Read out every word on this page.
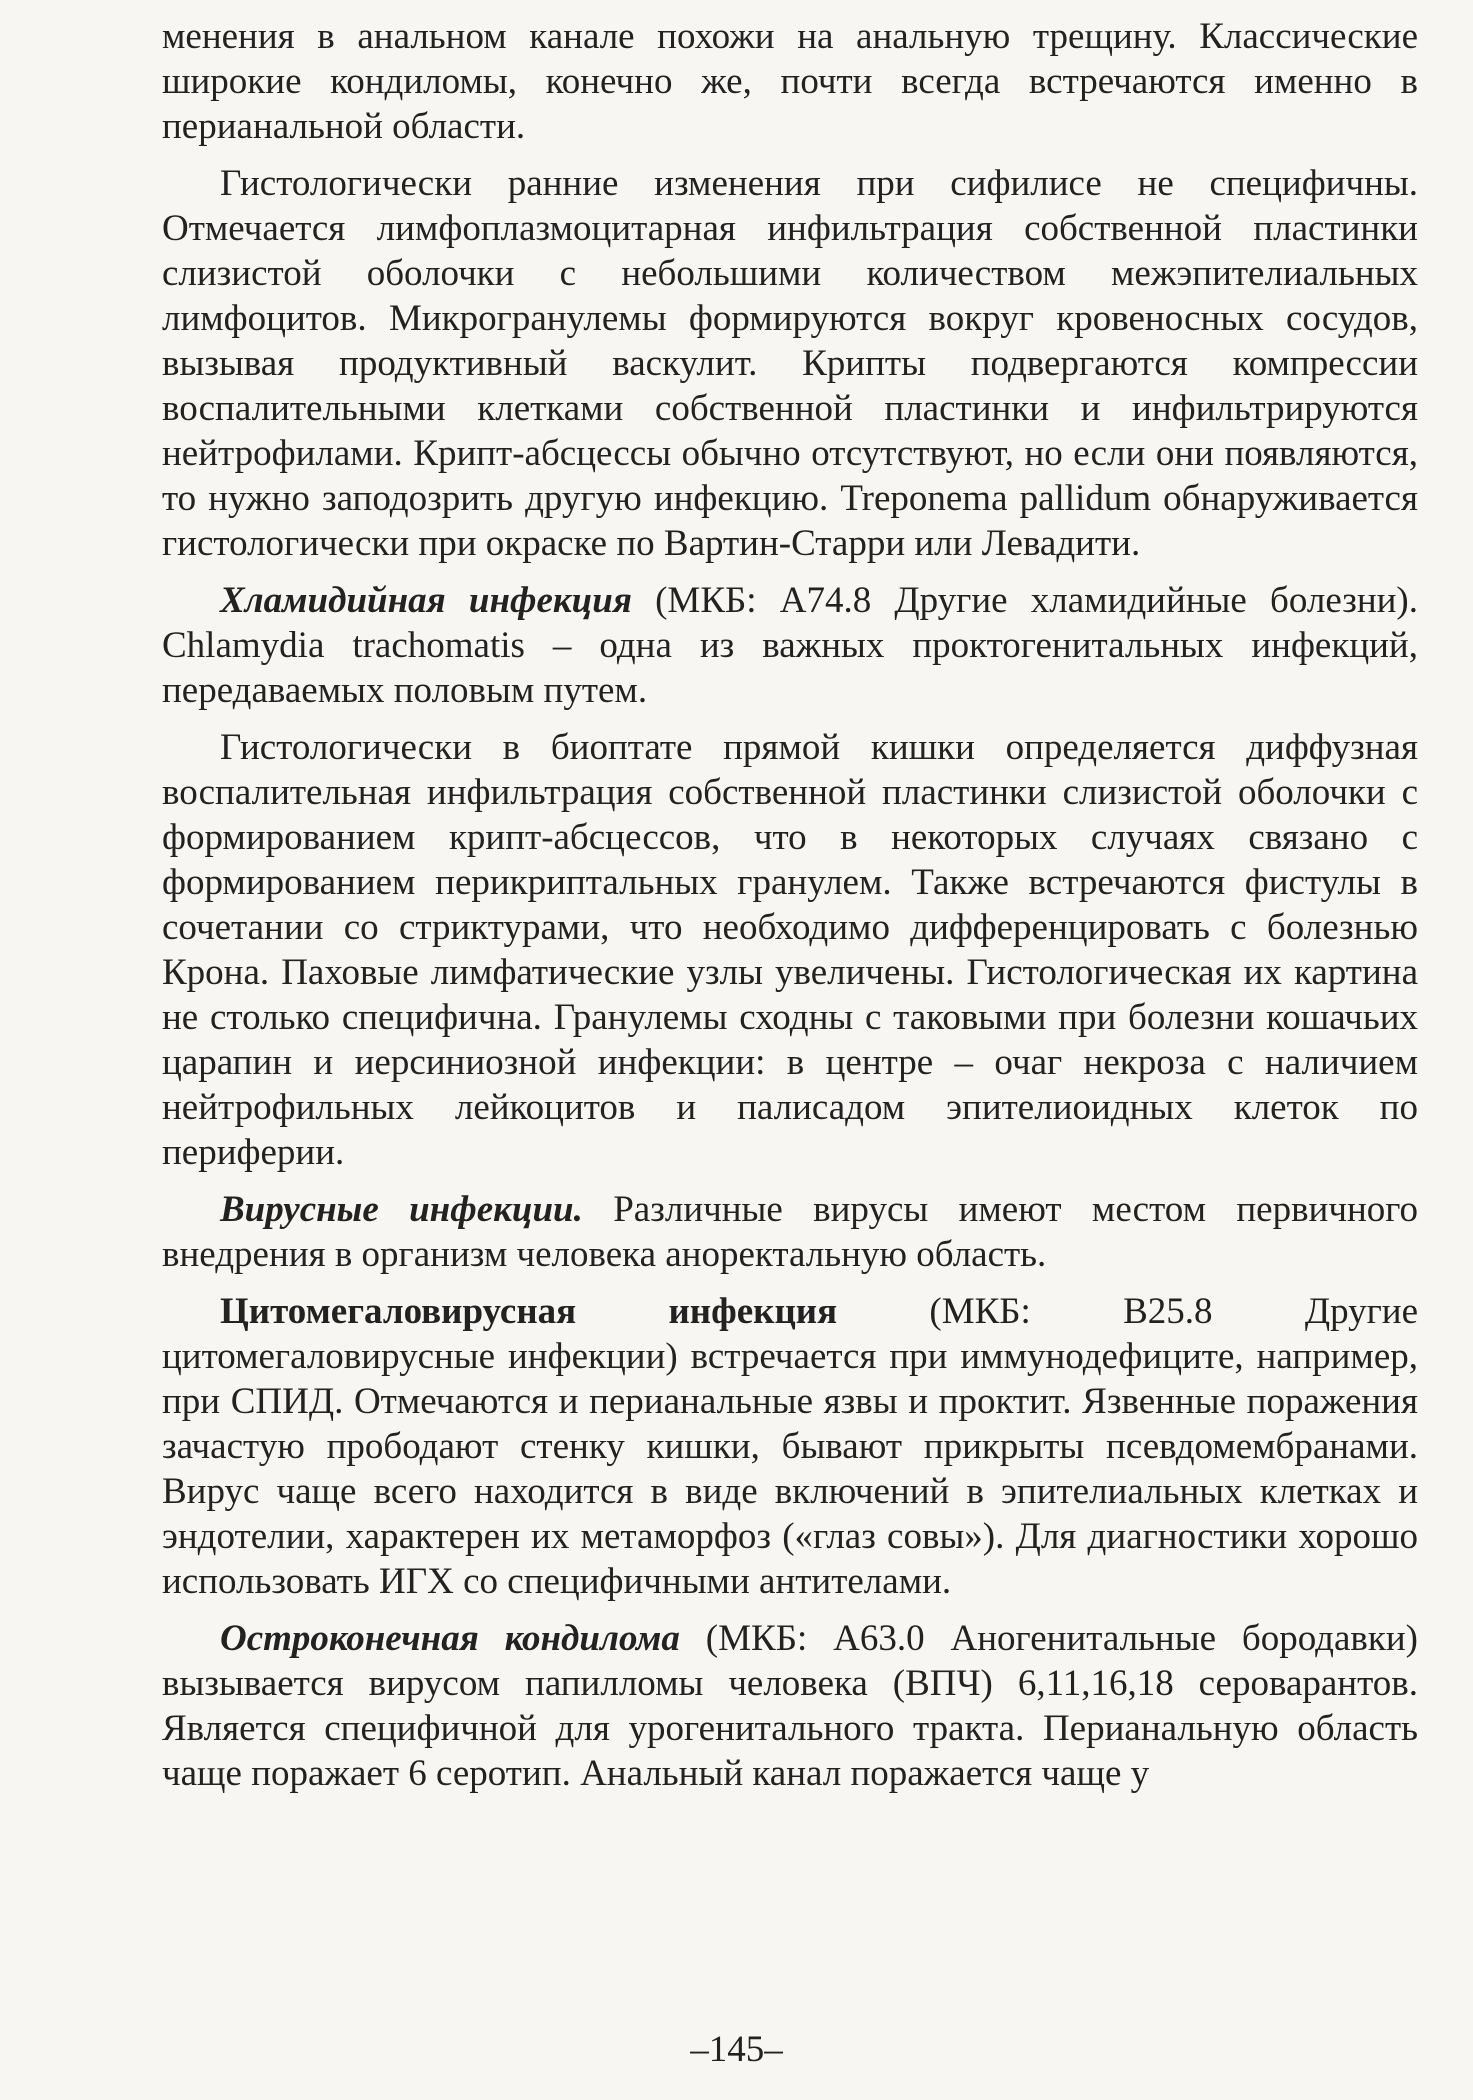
менения в анальном канале похожи на анальную трещину. Классические широкие кондиломы, конечно же, почти всегда встречаются именно в перианальной области.

Гистологически ранние изменения при сифилисе не специфичны. Отмечается лимфоплазмоцитарная инфильтрация собственной пластинки слизистой оболочки с небольшими количеством межэпителиальных лимфоцитов. Микрогранулемы формируются вокруг кровеносных сосудов, вызывая продуктивный васкулит. Крипты подвергаются компрессии воспалительными клетками собственной пластинки и инфильтрируются нейтрофилами. Крипт-абсцессы обычно отсутствуют, но если они появляются, то нужно заподозрить другую инфекцию. Treponema pallidum обнаруживается гистологически при окраске по Вартин-Старри или Левадити.

Хламидийная инфекция (МКБ: А74.8 Другие хламидийные болезни). Chlamydia trachomatis – одна из важных проктогенитальных инфекций, передаваемых половым путем.

Гистологически в биоптате прямой кишки определяется диффузная воспалительная инфильтрация собственной пластинки слизистой оболочки с формированием крипт-абсцессов, что в некоторых случаях связано с формированием перикриптальных гранулем. Также встречаются фистулы в сочетании со стриктурами, что необходимо дифференцировать с болезнью Крона. Паховые лимфатические узлы увеличены. Гистологическая их картина не столько специфична. Гранулемы сходны с таковыми при болезни кошачьих царапин и иерсиниозной инфекции: в центре – очаг некроза с наличием нейтрофильных лейкоцитов и палисадом эпителиоидных клеток по периферии.

Вирусные инфекции. Различные вирусы имеют местом первичного внедрения в организм человека аноректальную область.

Цитомегаловирусная инфекция (МКБ: В25.8 Другие цитомегаловирусные инфекции) встречается при иммунодефиците, например, при СПИД. Отмечаются и перианальные язвы и проктит. Язвенные поражения зачастую прободают стенку кишки, бывают прикрыты псевдомембранами. Вирус чаще всего находится в виде включений в эпителиальных клетках и эндотелии, характерен их метаморфоз («глаз совы»). Для диагностики хорошо использовать ИГХ со специфичными антителами.

Остроконечная кондилома (МКБ: А63.0 Аногенитальные бородавки) вызывается вирусом папилломы человека (ВПЧ) 6,11,16,18 сероварантов. Является специфичной для урогенитального тракта. Перианальную область чаще поражает 6 серотип. Анальный канал поражается чаще у

–145–
